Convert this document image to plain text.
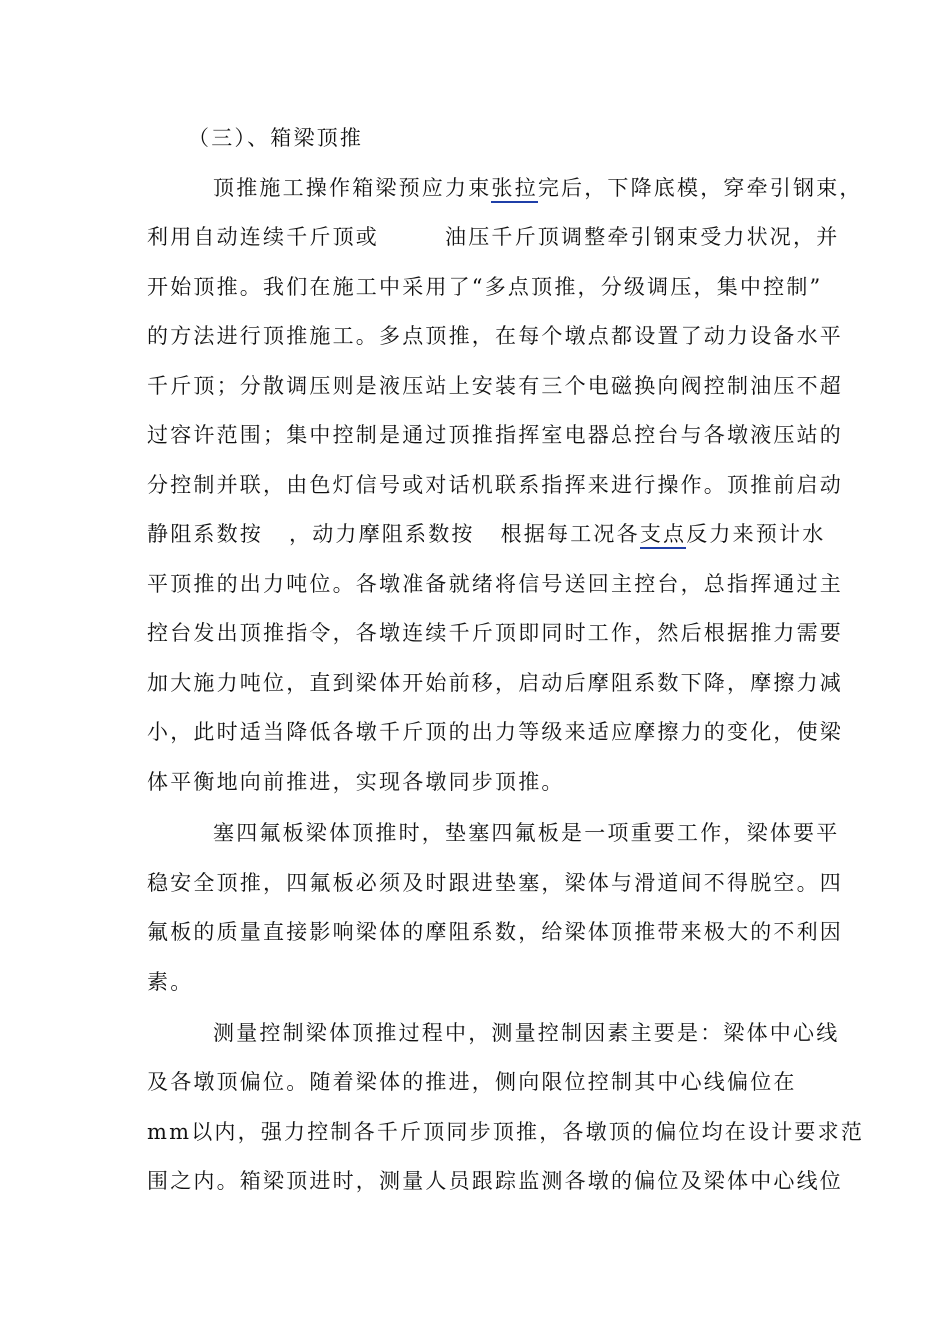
（三）、箱梁顶推
顶推施工操作箱梁预应力束张拉完后，下降底模，穿牵引钢束，
利用自动连续千斤顶或	油压千斤顶调整牵引钢束受力状况，并
开始顶推。我们在施工中采用了“多点顶推，分级调压，集中控制”
的方法进行顶推施工。多点顶推，在每个墩点都设置了动力设备水平
千斤顶；分散调压则是液压站上安装有三个电磁换向阀控制油压不超
过容许范围；集中控制是通过顶推指挥室电器总控台与各墩液压站的
分控制并联，由色灯信号或对话机联系指挥来进行操作。顶推前启动
静阻系数按 ，动力摩阻系数按 根据每工况各支点反力来预计水
平顶推的出力吨位。各墩准备就绪将信号送回主控台，总指挥通过主
控台发出顶推指令，各墩连续千斤顶即同时工作，然后根据推力需要
加大施力吨位，直到梁体开始前移，启动后摩阻系数下降，摩擦力减
小，此时适当降低各墩千斤顶的出力等级来适应摩擦力的变化，使梁
体平衡地向前推进，实现各墩同步顶推。
塞四氟板梁体顶推时，垫塞四氟板是一项重要工作，梁体要平
稳安全顶推，四氟板必须及时跟进垫塞，梁体与滑道间不得脱空。四
氟板的质量直接影响梁体的摩阻系数，给梁体顶推带来极大的不利因
素。
测量控制梁体顶推过程中，测量控制因素主要是：梁体中心线
及各墩顶偏位。随着梁体的推进，侧向限位控制其中心线偏位在
mm以内，强力控制各千斤顶同步顶推，各墩顶的偏位均在设计要求范
围之内。箱梁顶进时，测量人员跟踪监测各墩的偏位及梁体中心线位
